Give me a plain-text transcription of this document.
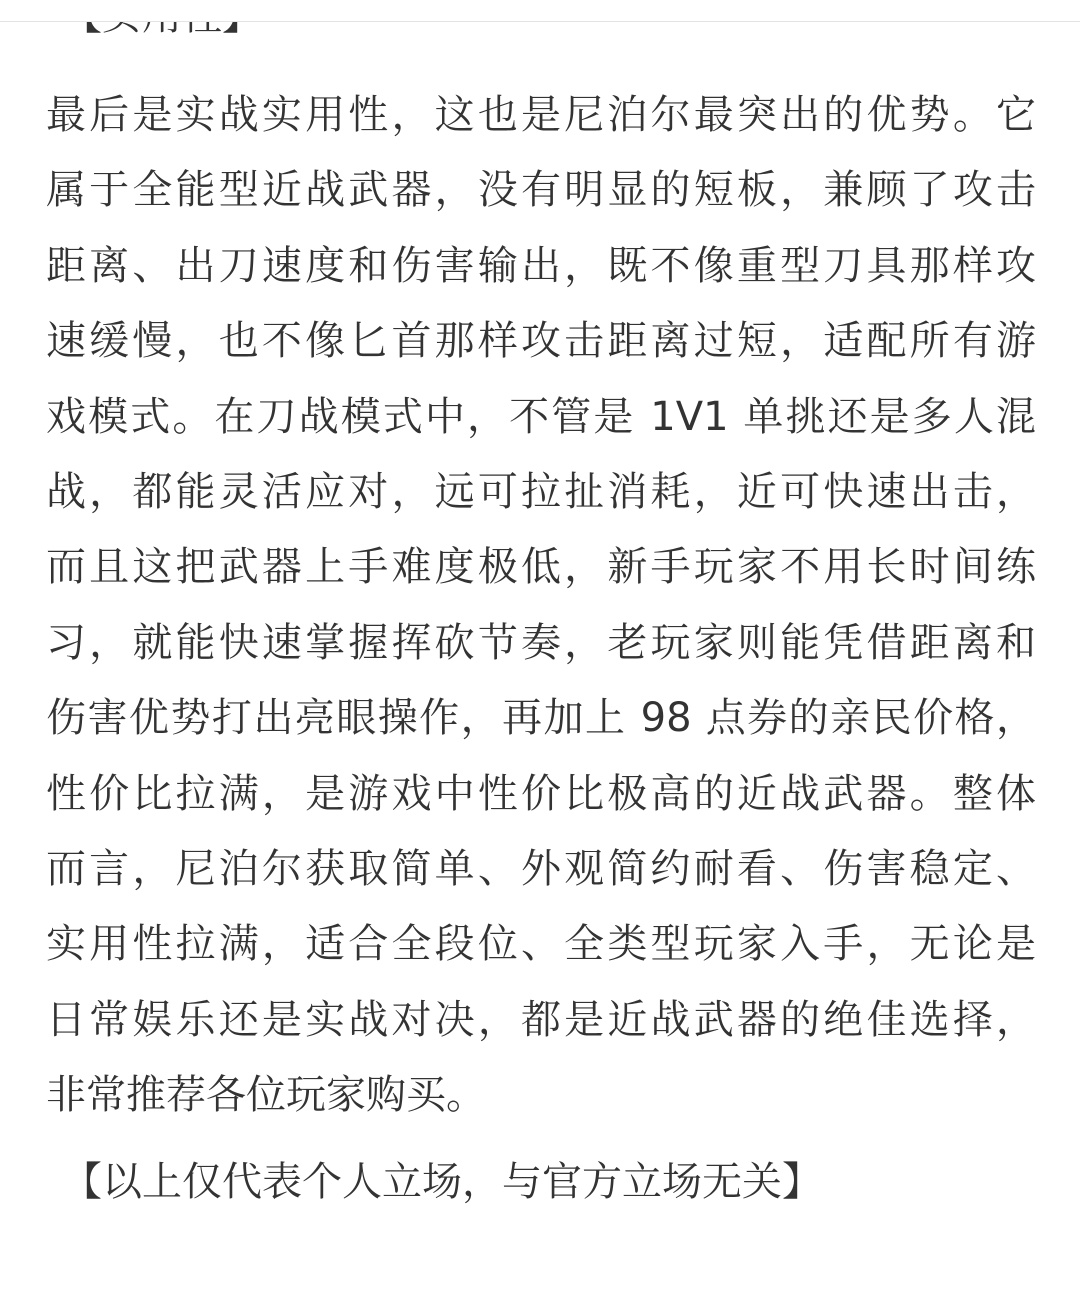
最后是实战实用性，这也是尼泊尔最突出的优势。它
属于全能型近战武器，没有明显的短板，兼顾了攻击
距离、出刀速度和伤害输出，既不像重型刀具那样攻
速缓慢，也不像匕首那样攻击距离过短，适配所有游
戏模式。在刀战模式中，不管是 1V1 单挑还是多人混
战，都能灵活应对，远可拉扯消耗，近可快速出击，
而且这把武器上手难度极低，新手玩家不用长时间练
习，就能快速掌握挥砍节奏，老玩家则能凭借距离和
伤害优势打出亮眼操作，再加上 98 点券的亲民价格，
性价比拉满，是游戏中性价比极高的近战武器。整体
而言，尼泊尔获取简单、外观简约耐看、伤害稳定、
实用性拉满，适合全段位、全类型玩家入手，无论是
日常娱乐还是实战对决，都是近战武器的绝佳选择，
非常推荐各位玩家购买。
【以上仅代表个人立场，与官方立场无关】
